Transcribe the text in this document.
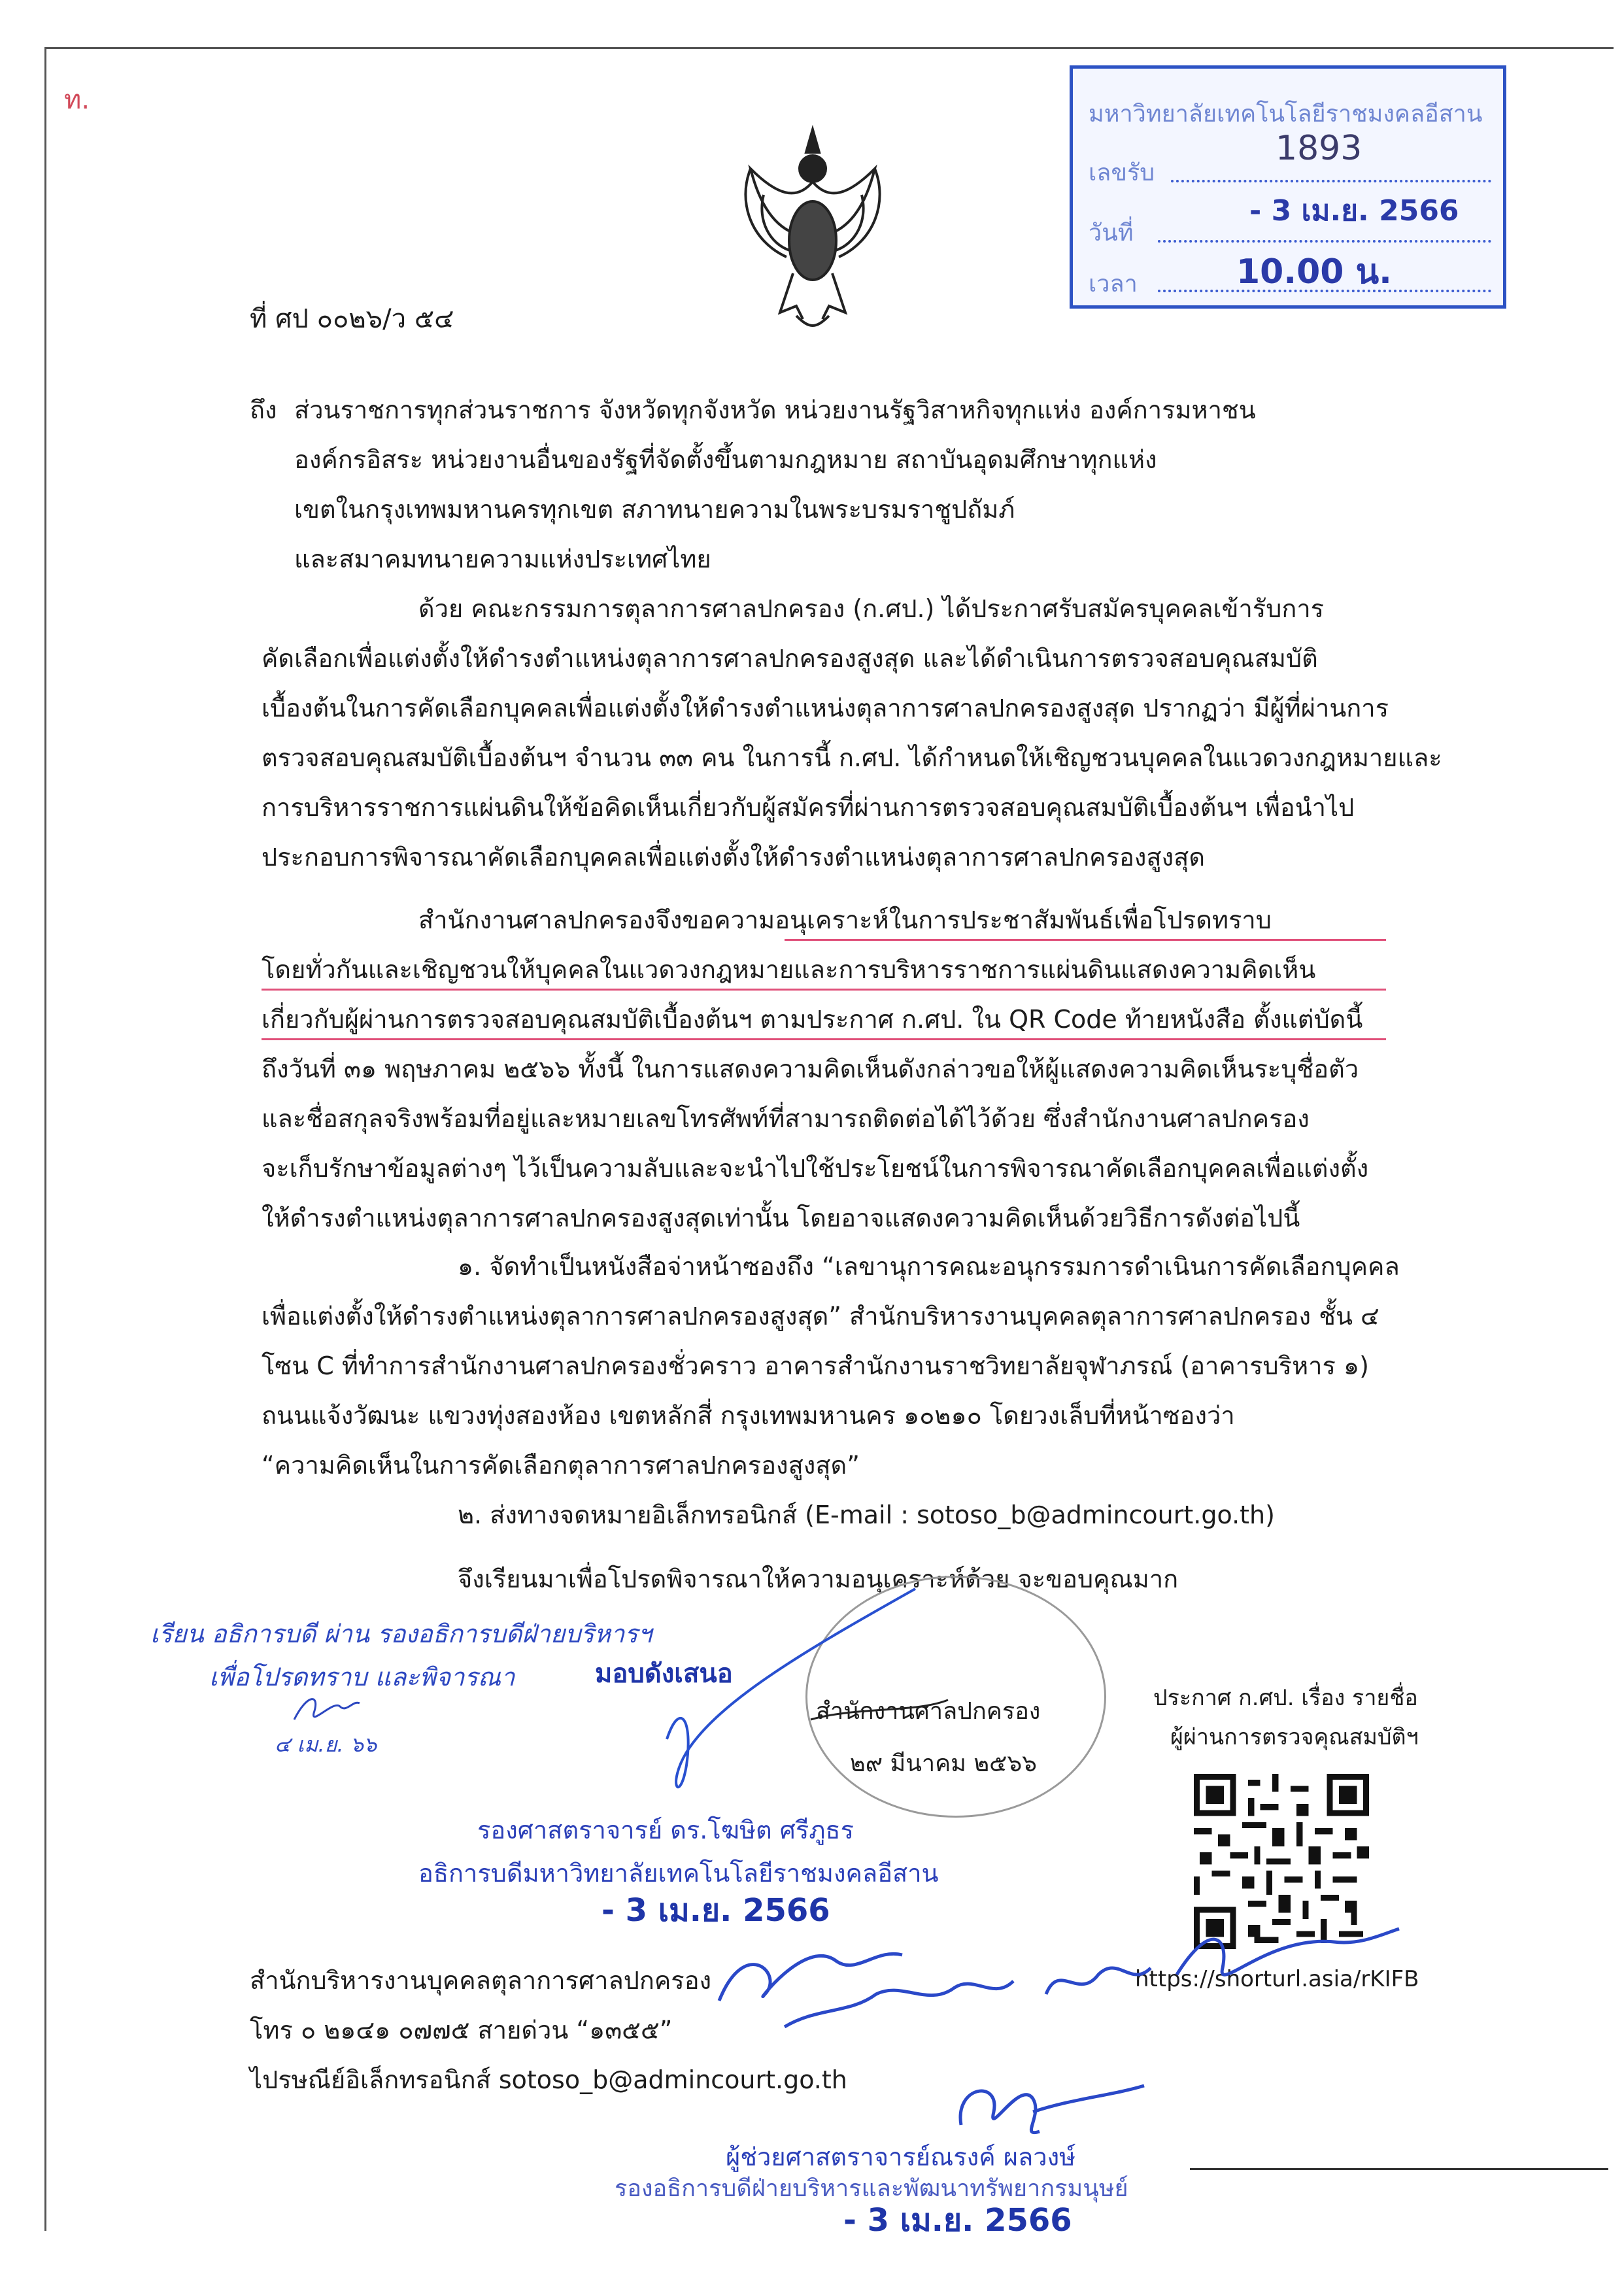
ท.	มหาวิทยาลัยเทคโนโลยีราชมงคลอีสาน
เลขรับ
1893
วันที่
- 3 เม.ย. 2566
เวลา	10.00 น.
ที่ ศป ๐๐๒๖/ว ๕๔
ถึง ส่วนราชการทุกส่วนราชการ จังหวัดทุกจังหวัด หน่วยงานรัฐวิสาหกิจทุกแห่ง องค์การมหาชน
องค์กรอิสระ หน่วยงานอื่นของรัฐที่จัดตั้งขึ้นตามกฎหมาย สถาบันอุดมศึกษาทุกแห่ง
เขตในกรุงเทพมหานครทุกเขต สภาทนายความในพระบรมราชูปถัมภ์
และสมาคมทนายความแห่งประเทศไทย
ด้วย คณะกรรมการตุลาการศาลปกครอง (ก.ศป.) ได้ประกาศรับสมัครบุคคลเข้ารับการ
คัดเลือกเพื่อแต่งตั้งให้ดำรงตำแหน่งตุลาการศาลปกครองสูงสุด และได้ดำเนินการตรวจสอบคุณสมบัติ
เบื้องต้นในการคัดเลือกบุคคลเพื่อแต่งตั้งให้ดำรงตำแหน่งตุลาการศาลปกครองสูงสุด ปรากฏว่า มีผู้ที่ผ่านการ
ตรวจสอบคุณสมบัติเบื้องต้นฯ จำนวน ๓๓ คน ในการนี้ ก.ศป. ได้กำหนดให้เชิญชวนบุคคลในแวดวงกฎหมายและ
การบริหารราชการแผ่นดินให้ข้อคิดเห็นเกี่ยวกับผู้สมัครที่ผ่านการตรวจสอบคุณสมบัติเบื้องต้นฯ เพื่อนำไป
ประกอบการพิจารณาคัดเลือกบุคคลเพื่อแต่งตั้งให้ดำรงตำแหน่งตุลาการศาลปกครองสูงสุด
สำนักงานศาลปกครองจึงขอความอนุเคราะห์ในการประชาสัมพันธ์เพื่อโปรดทราบ
โดยทั่วกันและเชิญชวนให้บุคคลในแวดวงกฎหมายและการบริหารราชการแผ่นดินแสดงความคิดเห็น
เกี่ยวกับผู้ผ่านการตรวจสอบคุณสมบัติเบื้องต้นฯ ตามประกาศ ก.ศป. ใน QR Code ท้ายหนังสือ ตั้งแต่บัดนี้
ถึงวันที่ ๓๑ พฤษภาคม ๒๕๖๖ ทั้งนี้ ในการแสดงความคิดเห็นดังกล่าวขอให้ผู้แสดงความคิดเห็นระบุชื่อตัว
และชื่อสกุลจริงพร้อมที่อยู่และหมายเลขโทรศัพท์ที่สามารถติดต่อได้ไว้ด้วย ซึ่งสำนักงานศาลปกครอง
จะเก็บรักษาข้อมูลต่างๆ ไว้เป็นความลับและจะนำไปใช้ประโยชน์ในการพิจารณาคัดเลือกบุคคลเพื่อแต่งตั้ง
ให้ดำรงตำแหน่งตุลาการศาลปกครองสูงสุดเท่านั้น โดยอาจแสดงความคิดเห็นด้วยวิธีการดังต่อไปนี้
๑. จัดทำเป็นหนังสือจ่าหน้าซองถึง “เลขานุการคณะอนุกรรมการดำเนินการคัดเลือกบุคคล
เพื่อแต่งตั้งให้ดำรงตำแหน่งตุลาการศาลปกครองสูงสุด” สำนักบริหารงานบุคคลตุลาการศาลปกครอง ชั้น ๔
โซน C ที่ทำการสำนักงานศาลปกครองชั่วคราว อาคารสำนักงานราชวิทยาลัยจุฬาภรณ์ (อาคารบริหาร ๑)
ถนนแจ้งวัฒนะ แขวงทุ่งสองห้อง เขตหลักสี่ กรุงเทพมหานคร ๑๐๒๑๐ โดยวงเล็บที่หน้าซองว่า
“ความคิดเห็นในการคัดเลือกตุลาการศาลปกครองสูงสุด”
๒. ส่งทางจดหมายอิเล็กทรอนิกส์ (E-mail : sotoso_b@admincourt.go.th)
จึงเรียนมาเพื่อโปรดพิจารณาให้ความอนุเคราะห์ด้วย จะขอบคุณมาก
เรียน อธิการบดี ผ่าน รองอธิการบดีฝ่ายบริหารฯ
เพื่อโปรดทราบ และพิจารณา
๔ เม.ย. ๖๖
มอบดังเสนอ
สำนักงานศาลปกครอง
๒๙ มีนาคม ๒๕๖๖
รองศาสตราจารย์ ดร.โฆษิต ศรีภูธร
อธิการบดีมหาวิทยาลัยเทคโนโลยีราชมงคลอีสาน
- 3 เม.ย. 2566
ประกาศ ก.ศป. เรื่อง รายชื่อ
ผู้ผ่านการตรวจคุณสมบัติฯ
https://shorturl.asia/rKIFB
สำนักบริหารงานบุคคลตุลาการศาลปกครอง
โทร ๐ ๒๑๔๑ ๐๗๗๕ สายด่วน “๑๓๕๕”
ไปรษณีย์อิเล็กทรอนิกส์ sotoso_b@admincourt.go.th
ผู้ช่วยศาสตราจารย์ณรงค์ ผลวงษ์
รองอธิการบดีฝ่ายบริหารและพัฒนาทรัพยากรมนุษย์
- 3 เม.ย. 2566
